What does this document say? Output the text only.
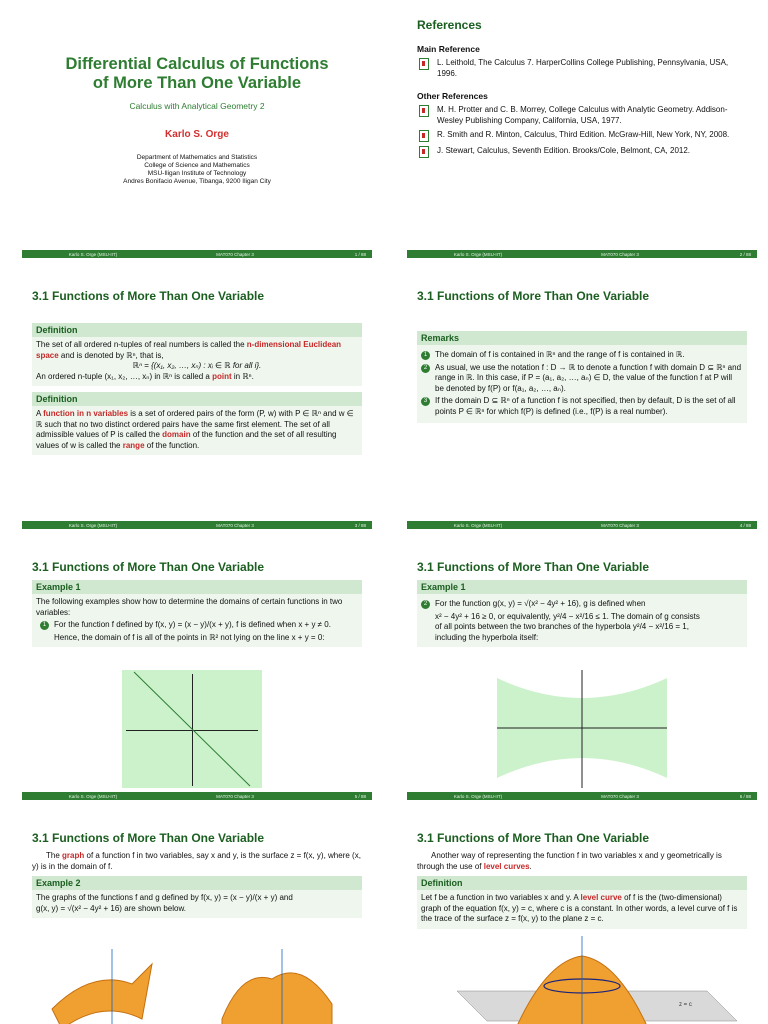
Differential Calculus of Functions
of More Than One Variable
Calculus with Analytical Geometry 2
Karlo S. Orge
Department of Mathematics and Statistics
College of Science and Mathematics
MSU-Iligan Institute of Technology
Andres Bonifacio Avenue, Tibanga, 9200 Iligan City
Karlo S. Orge (MSU-IIT)	MAT070 Chapter 3	1 / 88
References
Main Reference
L. Leithold, The Calculus 7. HarperCollins College Publishing, Pennsylvania, USA, 1996.
Other References
M. H. Protter and C. B. Morrey, College Calculus with Analytic Geometry. Addison-Wesley Publishing Company, California, USA, 1977.
R. Smith and R. Minton, Calculus, Third Edition. McGraw-Hill, New York, NY, 2008.
J. Stewart, Calculus, Seventh Edition. Brooks/Cole, Belmont, CA, 2012.
Karlo S. Orge (MSU-IIT)	MAT070 Chapter 3	2 / 88
3.1 Functions of More Than One Variable
Definition
The set of all ordered n-tuples of real numbers is called the n-dimensional Euclidean space and is denoted by ℝⁿ, that is,
ℝⁿ = {(x₁, x₂, …, xₙ) : xᵢ ∈ ℝ for all i}.
An ordered n-tuple (x₁, x₂, …, xₙ) in ℝⁿ is called a point in ℝⁿ.
Definition
A function in n variables is a set of ordered pairs of the form (P, w) with P ∈ ℝⁿ and w ∈ ℝ such that no two distinct ordered pairs have the same first element. The set of all admissible values of P is called the domain of the function and the set of all resulting values of w is called the range of the function.
Karlo S. Orge (MSU-IIT)	MAT070 Chapter 3	3 / 88
3.1 Functions of More Than One Variable
Remarks
1 The domain of f is contained in ℝⁿ and the range of f is contained in ℝ.
2 As usual, we use the notation f : D → ℝ to denote a function f with domain D ⊆ ℝⁿ and range in ℝ. In this case, if P = (a₁, a₂, …, aₙ) ∈ D, the value of the function f at P will be denoted by f(P) or f(a₁, a₂, …, aₙ).
3 If the domain D ⊆ ℝⁿ of a function f is not specified, then by default, D is the set of all points P ∈ ℝⁿ for which f(P) is defined (i.e., f(P) is a real number).
Karlo S. Orge (MSU-IIT)	MAT070 Chapter 3	4 / 88
3.1 Functions of More Than One Variable
Example 1
The following examples show how to determine the domains of certain functions in two variables:
1 For the function f defined by f(x, y) = (x − y)/(x + y), f is defined when x + y ≠ 0.
Hence, the domain of f is all of the points in ℝ² not lying on the line x + y = 0:
Karlo S. Orge (MSU-IIT)	MAT070 Chapter 3	5 / 88
3.1 Functions of More Than One Variable
Example 1
2 For the function g(x, y) = √(x² − 4y² + 16), g is defined when
x² − 4y² + 16 ≥ 0, or equivalently, y²/4 − x²/16 ≤ 1. The domain of g consists
of all points between the two branches of the hyperbola y²/4 − x²/16 = 1,
including the hyperbola itself:
Karlo S. Orge (MSU-IIT)	MAT070 Chapter 3	6 / 88
3.1 Functions of More Than One Variable
The graph of a function f in two variables, say x and y, is the surface z = f(x, y), where (x, y) is in the domain of f.
Example 2
The graphs of the functions f and g defined by f(x, y) = (x − y)/(x + y) and
g(x, y) = √(x² − 4y² + 16) are shown below.
3.1 Functions of More Than One Variable
Another way of representing the function f in two variables x and y geometrically is through the use of level curves.
Definition
Let f be a function in two variables x and y. A level curve of f is the (two-dimensional) graph of the equation f(x, y) = c, where c is a constant. In other words, a level curve of f is the trace of the surface z = f(x, y) to the plane z = c.
z = c
